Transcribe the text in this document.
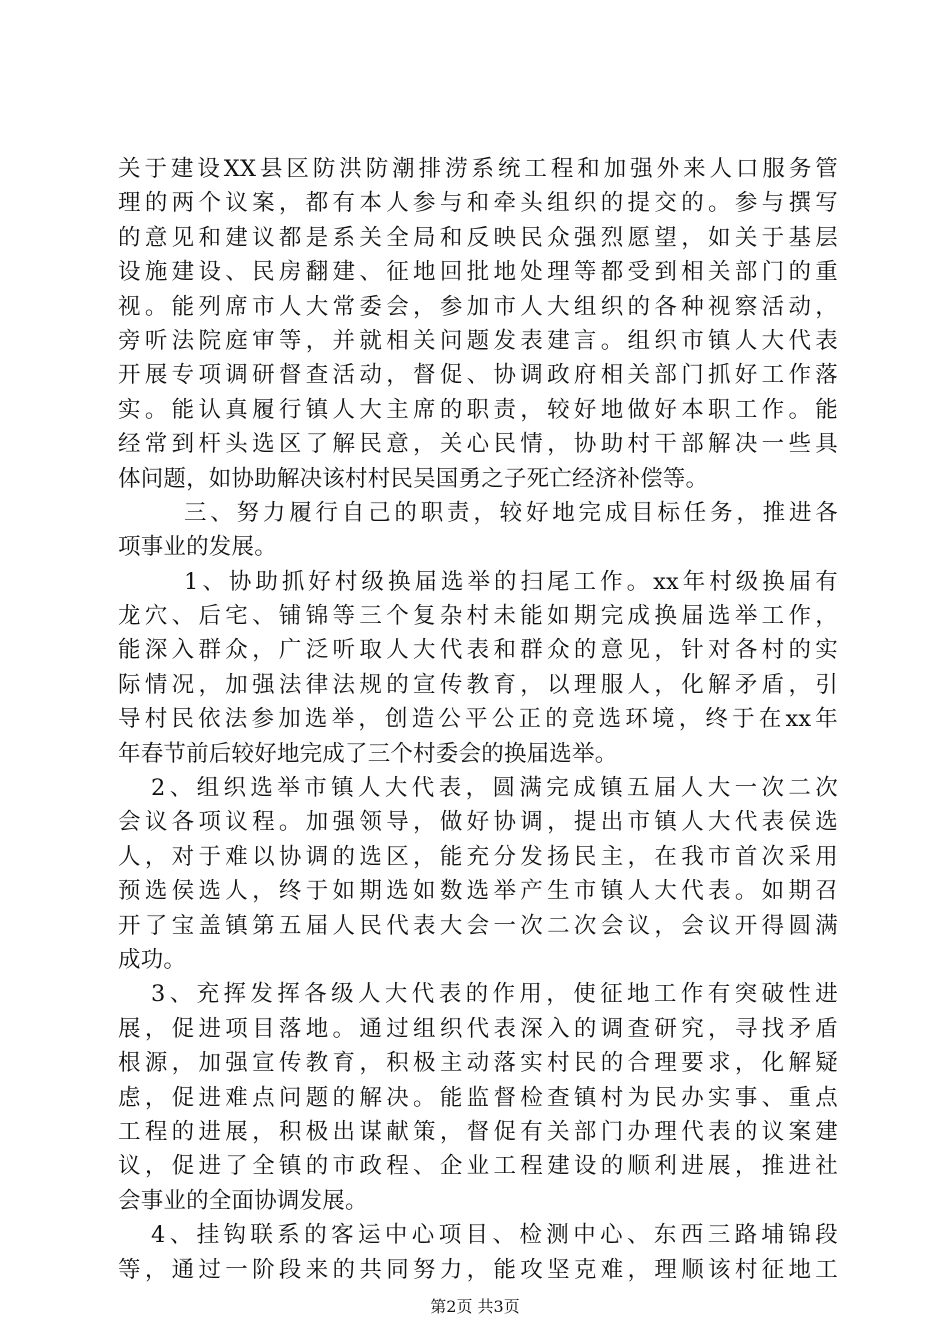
关于建设XX县区防洪防潮排涝系统工程和加强外来人口服务管
理的两个议案，都有本人参与和牵头组织的提交的。参与撰写
的意见和建议都是系关全局和反映民众强烈愿望，如关于基层
设施建设、民房翻建、征地回批地处理等都受到相关部门的重
视。能列席市人大常委会，参加市人大组织的各种视察活动，
旁听法院庭审等，并就相关问题发表建言。组织市镇人大代表
开展专项调研督查活动，督促、协调政府相关部门抓好工作落
实。能认真履行镇人大主席的职责，较好地做好本职工作。能
经常到杆头选区了解民意，关心民情，协助村干部解决一些具
体问题，如协助解决该村村民吴国勇之子死亡经济补偿等。
三、努力履行自己的职责，较好地完成目标任务，推进各
项事业的发展。
1、协助抓好村级换届选举的扫尾工作。xx年村级换届有
龙穴、后宅、铺锦等三个复杂村未能如期完成换届选举工作，
能深入群众，广泛听取人大代表和群众的意见，针对各村的实
际情况，加强法律法规的宣传教育，以理服人，化解矛盾，引
导村民依法参加选举，创造公平公正的竞选环境，终于在xx年
年春节前后较好地完成了三个村委会的换届选举。
2、组织选举市镇人大代表，圆满完成镇五届人大一次二次
会议各项议程。加强领导，做好协调，提出市镇人大代表侯选
人，对于难以协调的选区，能充分发扬民主，在我市首次采用
预选侯选人，终于如期选如数选举产生市镇人大代表。如期召
开了宝盖镇第五届人民代表大会一次二次会议，会议开得圆满
成功。
3、充挥发挥各级人大代表的作用，使征地工作有突破性进
展，促进项目落地。通过组织代表深入的调查研究，寻找矛盾
根源，加强宣传教育，积极主动落实村民的合理要求，化解疑
虑，促进难点问题的解决。能监督检查镇村为民办实事、重点
工程的进展，积极出谋献策，督促有关部门办理代表的议案建
议，促进了全镇的市政程、企业工程建设的顺利进展，推进社
会事业的全面协调发展。
4、挂钩联系的客运中心项目、检测中心、东西三路埔锦段
等，通过一阶段来的共同努力，能攻坚克难，理顺该村征地工
第2页 共3页
